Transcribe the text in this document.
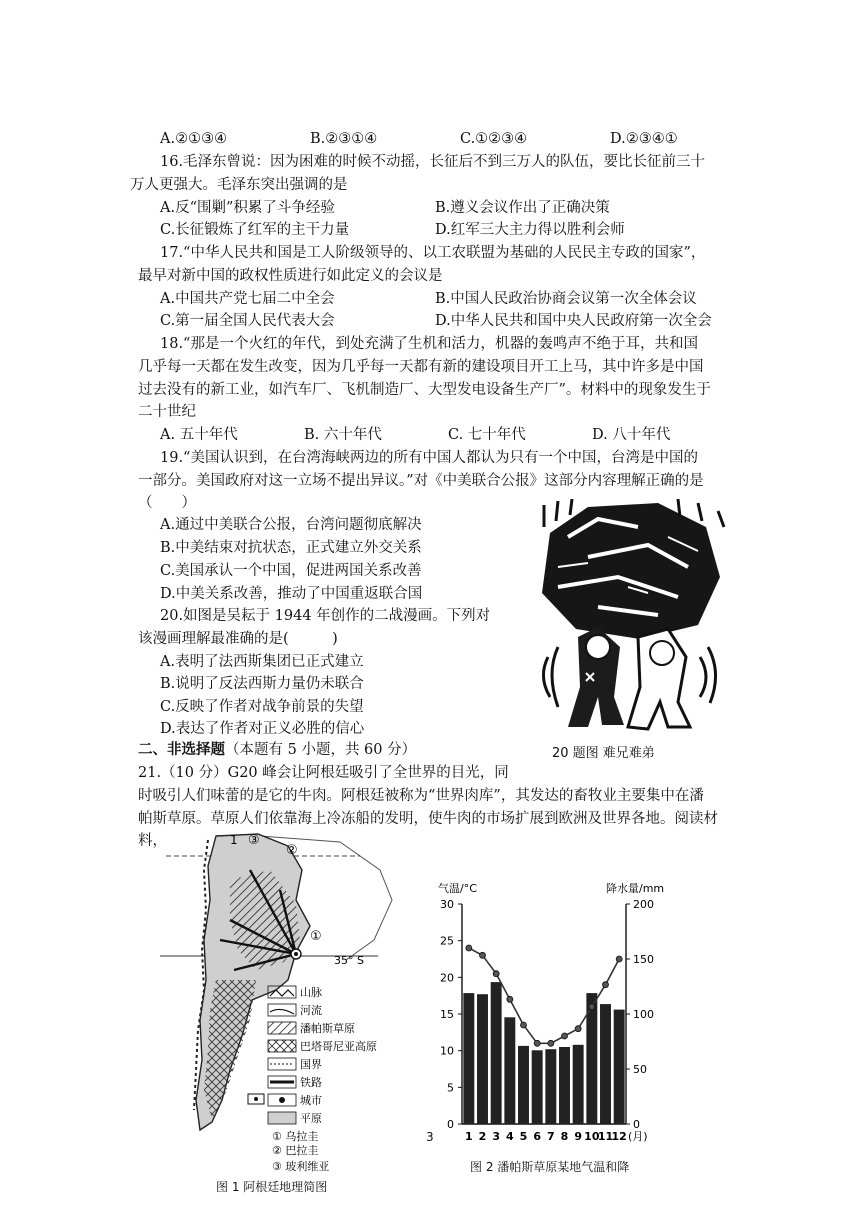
A.②①③④	B.②③①④	C.①②③④	D.②③④①
16.毛泽东曾说：因为困难的时候不动摇，长征后不到三万人的队伍，要比长征前三十
万人更强大。毛泽东突出强调的是
A.反“围剿”积累了斗争经验	B.遵义会议作出了正确决策
C.长征锻炼了红军的主干力量	D.红军三大主力得以胜利会师
17.“中华人民共和国是工人阶级领导的、以工农联盟为基础的人民民主专政的国家”，
最早对新中国的政权性质进行如此定义的会议是
A.中国共产党七届二中全会	B.中国人民政治协商会议第一次全体会议
C.第一届全国人民代表大会	D.中华人民共和国中央人民政府第一次全会
18.“那是一个火红的年代，到处充满了生机和活力，机器的轰鸣声不绝于耳，共和国
几乎每一天都在发生改变，因为几乎每一天都有新的建设项目开工上马，其中许多是中国
过去没有的新工业，如汽车厂、飞机制造厂、大型发电设备生产厂”。材料中的现象发生于
二十世纪
A. 五十年代	B. 六十年代	C. 七十年代	D. 八十年代
19.“美国认识到，在台湾海峡两边的所有中国人都认为只有一个中国，台湾是中国的
一部分。美国政府对这一立场不提出异议。”对《中美联合公报》这部分内容理解正确的是
（　　）
A.通过中美联合公报，台湾问题彻底解决
B.中美结束对抗状态，正式建立外交关系
C.美国承认一个中国，促进两国关系改善
D.中美关系改善，推动了中国重返联合国
20.如图是吴耘于 1944 年创作的二战漫画。下列对
该漫画理解最准确的是(　　　)
A.表明了法西斯集团已正式建立
B.说明了反法西斯力量仍未联合
C.反映了作者对战争前景的失望
D.表达了作者对正义必胜的信心
20 题图 难兄难弟
二、非选择题（本题有 5 小题，共 60 分）
21.（10 分）G20 峰会让阿根廷吸引了全世界的目光，同
时吸引人们味蕾的是它的牛肉。阿根廷被称为“世界肉库”，其发达的畜牧业主要集中在潘
帕斯草原。草原人们依靠海上冷冻船的发明，使牛肉的市场扩展到欧洲及世界各地。阅读材
料，	1 ③
②
①
35° S
山脉
河流
潘帕斯草原
巴塔哥尼亚高原
国界
铁路
城市
平原
① 乌拉圭
② 巴拉圭
③ 玻利维亚
图 1 阿根廷地理简图
3
气温/°C	降水量/mm
0
5
10
15
20
25
30
0
50
100
150
200
1 2 3 4 5 6 7 8 9 10
11
12 (月)
图 2 潘帕斯草原某地气温和降
